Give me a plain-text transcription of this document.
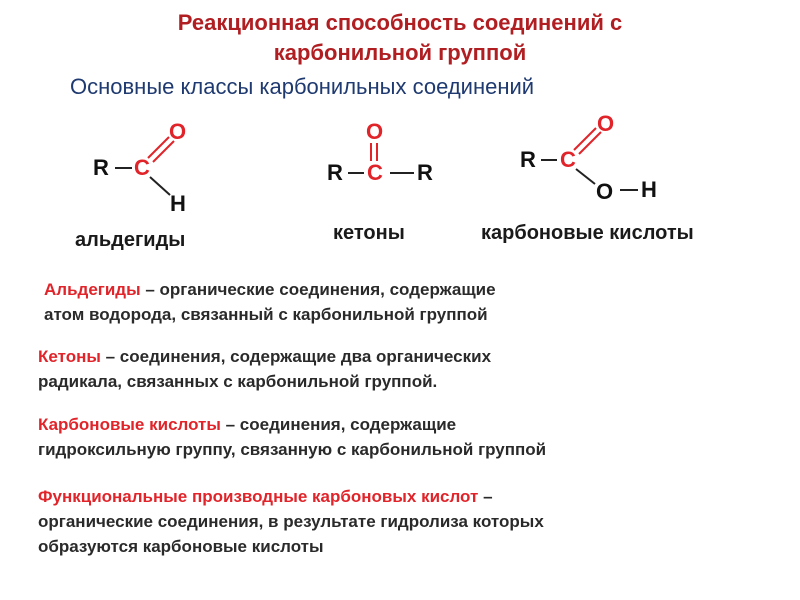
Реакционная способность соединений с
карбонильной группой
Основные классы карбонильных соединений
R C
O
H
альдегиды
R C
O
R
кетоны
R C
O
O H
карбоновые кислоты
Альдегиды – органические соединения, содержащие
атом водорода, связанный с карбонильной группой
Кетоны – соединения, содержащие два органических
радикала, связанных с карбонильной группой.
Карбоновые кислоты – соединения, содержащие
гидроксильную группу, связанную с карбонильной группой
Функциональные производные карбоновых кислот –
органические соединения, в результате гидролиза которых
образуются карбоновые кислоты
